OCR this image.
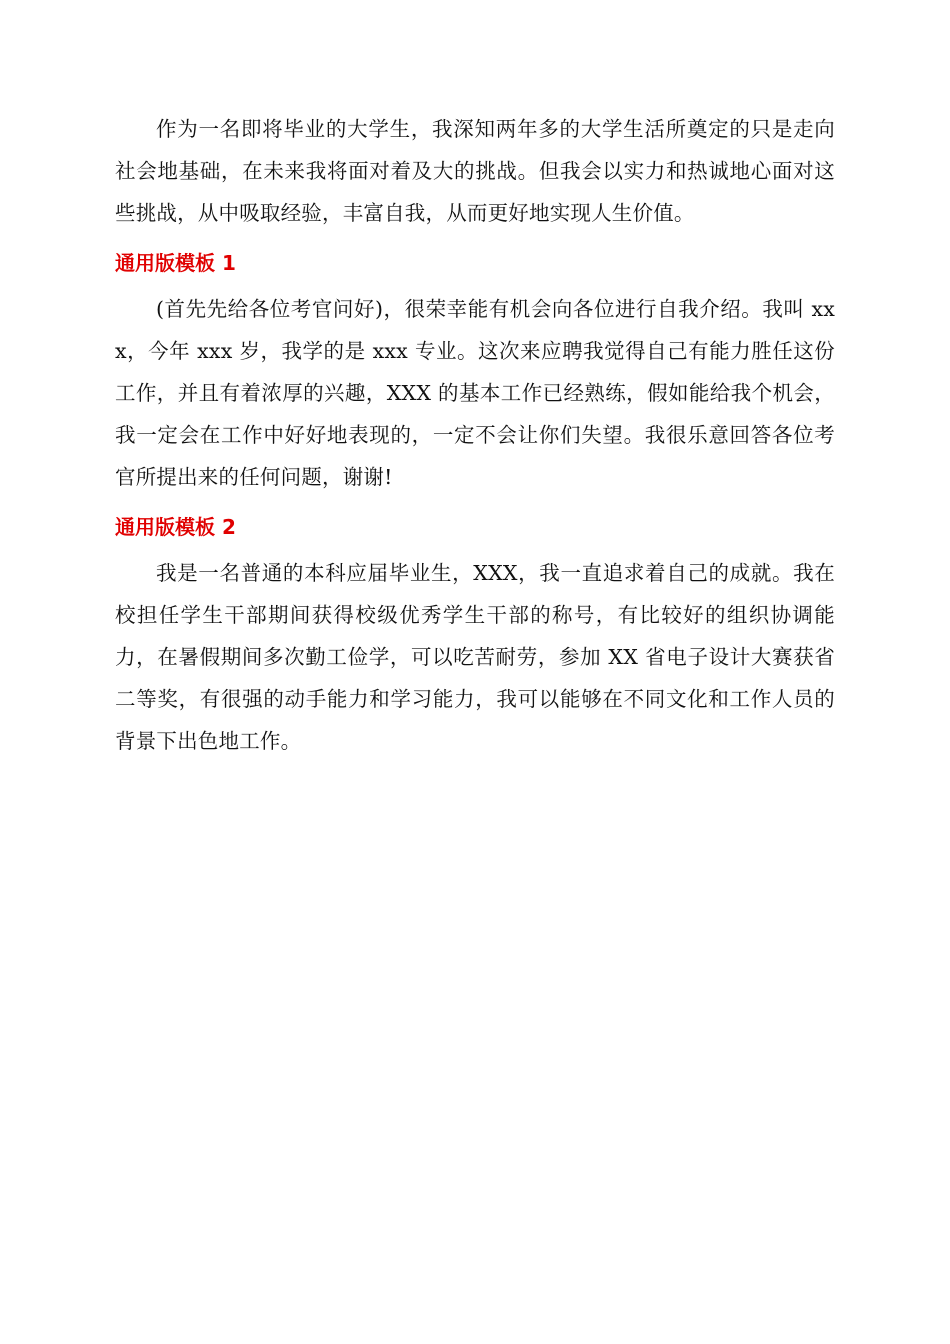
作为一名即将毕业的大学生，我深知两年多的大学生活所奠定的只是走向社会地基础，在未来我将面对着及大的挑战。但我会以实力和热诚地心面对这些挑战，从中吸取经验，丰富自我，从而更好地实现人生价值。

通用版模板 1

(首先先给各位考官问好)，很荣幸能有机会向各位进行自我介绍。我叫 xxx，今年 xxx 岁，我学的是 xxx 专业。这次来应聘我觉得自己有能力胜任这份工作，并且有着浓厚的兴趣，XXX 的基本工作已经熟练，假如能给我个机会，我一定会在工作中好好地表现的，一定不会让你们失望。我很乐意回答各位考官所提出来的任何问题，谢谢!

通用版模板 2

我是一名普通的本科应届毕业生，XXX，我一直追求着自己的成就。我在校担任学生干部期间获得校级优秀学生干部的称号，有比较好的组织协调能力，在暑假期间多次勤工俭学，可以吃苦耐劳，参加 XX 省电子设计大赛获省二等奖，有很强的动手能力和学习能力，我可以能够在不同文化和工作人员的背景下出色地工作。
